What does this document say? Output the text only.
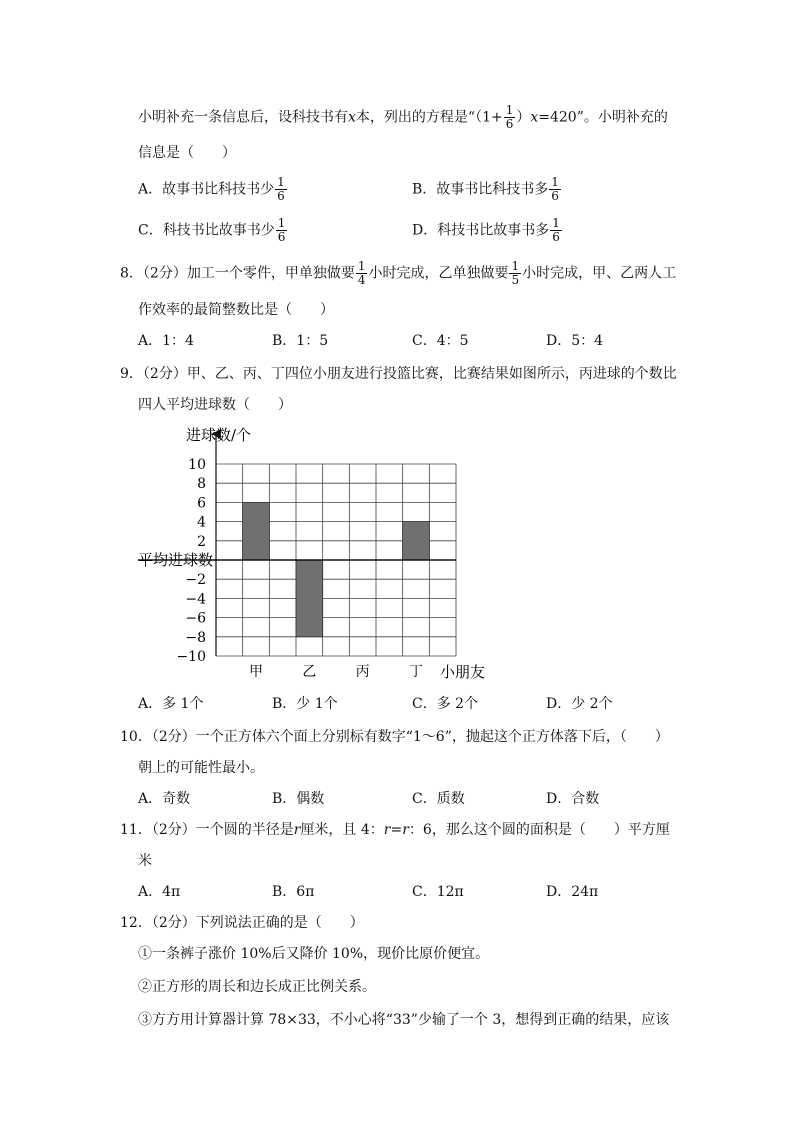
小明补充一条信息后，设科技书有x本，列出的方程是“$(1+ \frac{1}{6} )x=420$”。小明补充的
信息是（　　）
A．故事书比科技书少 $\frac{1}{6}$	B．故事书比科技书多 $\frac{1}{6}$
C．科技书比故事书少 $\frac{1}{6}$	D．科技书比故事书多 $\frac{1}{6}$
8．（2分）加工一个零件，甲单独做要 $\frac{1}{4}$ 小时完成，乙单独做要 $\frac{1}{5}$ 小时完成，甲、乙两人工
作效率的最简整数比是（　　）
A．1：4	B．1：5	C．4：5	D．5：4
9．（2分）甲、乙、丙、丁四位小朋友进行投篮比赛，比赛结果如图所示，丙进球的个数比
四人平均进球数（　　）
甲	乙	丙	丁
10
8
6
4
2
−2
−4
−6
−8
−10
进球数/个
平均进球数
小朋友
A．多 1个	B．少 1个	C．多 2个	D．少 2个
10．（2分）一个正方体六个面上分别标有数字“1～6”，抛起这个正方体落下后，（　　）
朝上的可能性最小。
A．奇数	B．偶数	C．质数	D．合数
11．（2分）一个圆的半径是r厘米，且 4：r=r：6，那么这个圆的面积是（　　）平方厘
米
A．4π	B．6π	C．12π	D．24π
12．（2分）下列说法正确的是（　　）
①一条裤子涨价 10%后又降价 10%，现价比原价便宜。
②正方形的周长和边长成正比例关系。
③方方用计算器计算 78×33，不小心将“33”少输了一个 3，想得到正确的结果，应该
